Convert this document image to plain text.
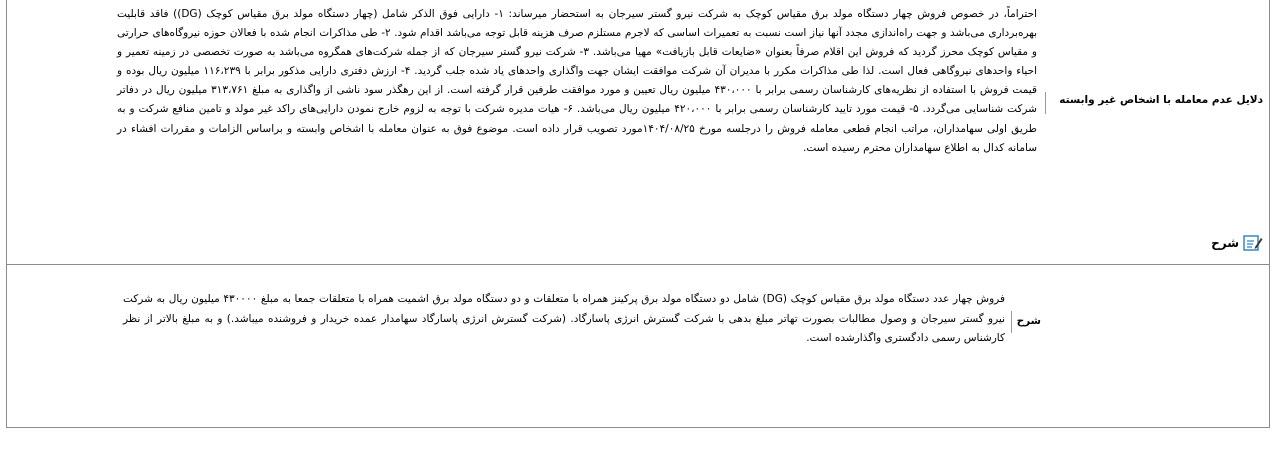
دلایل عدم معامله با اشخاص غیر وابسته
احتراماً، در خصوص فروش چهار دستگاه مولد برق مقیاس کوچک به شرکت نیرو گستر سیرجان به استحضار میرساند: ۱- دارایی فوق الذکر شامل (چهار دستگاه مولد برق مقیاس کوچک (DG)) فاقد قابلیت بهره‌برداری می‌باشد و جهت راه‌اندازی مجدد آنها نیاز است نسبت به تعمیرات اساسی که لاجرم مستلزم صرف هزینه قابل توجه می‌باشد اقدام شود. ۲- طی مذاکرات انجام شده با فعالان حوزه نیروگاه‌های حرارتی و مقیاس کوچک محرز گردید که فروش این اقلام صرفاً بعنوان «ضایعات قابل بازیافت» مهیا می‌باشد. ۳- شرکت نیرو گستر سیرجان که از جمله شرکت‌های همگروه می‌باشد به صورت تخصصی در زمینه تعمیر و احیاء واحدهای نیروگاهی فعال است. لذا طی مذاکرات مکرر با مدیران آن شرکت موافقت ایشان جهت واگذاری واحدهای یاد شده جلب گردید. ۴- ارزش دفتری دارایی مذکور برابر با ۱۱۶،۲۳۹ میلیون ریال بوده و قیمت فروش با استفاده از نظریه‌های کارشناسان رسمی برابر با ۴۳۰،۰۰۰ میلیون ریال تعیین و مورد موافقت طرفین قرار گرفته است. از این رهگذر سود ناشی از واگذاری به مبلغ ۳۱۳،۷۶۱ میلیون ریال در دفاتر شرکت شناسایی می‌گردد. ۵- قیمت مورد تایید کارشناسان رسمی برابر با ۴۲۰،۰۰۰ میلیون ریال می‌باشد. ۶- هیات مدیره شرکت با توجه به لزوم خارج نمودن دارایی‌های راکد غیر مولد و تامین منافع شرکت و به طریق اولی سهامداران، مراتب انجام قطعی معامله فروش را درجلسه مورخ ۱۴۰۴/۰۸/۲۵مورد تصویب قرار داده است. موضوع فوق به عنوان معامله با اشخاص وابسته و براساس الزامات و مقررات افشاء در سامانه کدال به اطلاع سهامداران محترم رسیده است.
شرح
شرح
فروش چهار عدد دستگاه مولد برق مقیاس کوچک (DG) شامل دو دستگاه مولد برق پرکینز همراه با متعلقات و دو دستگاه مولد برق اشمیت همراه با متعلقات جمعا به مبلغ ۴۳۰۰۰۰ میلیون ریال به شرکت نیرو گستر سیرجان و وصول مطالبات بصورت تهاتر مبلغ بدهی با شرکت گسترش انرژی پاسارگاد. (شرکت گسترش انرژی پاسارگاد سهامدار عمده خریدار و فروشنده میباشد.) و به مبلغ بالاتر از نظر کارشناس رسمی دادگستری واگذارشده است.
